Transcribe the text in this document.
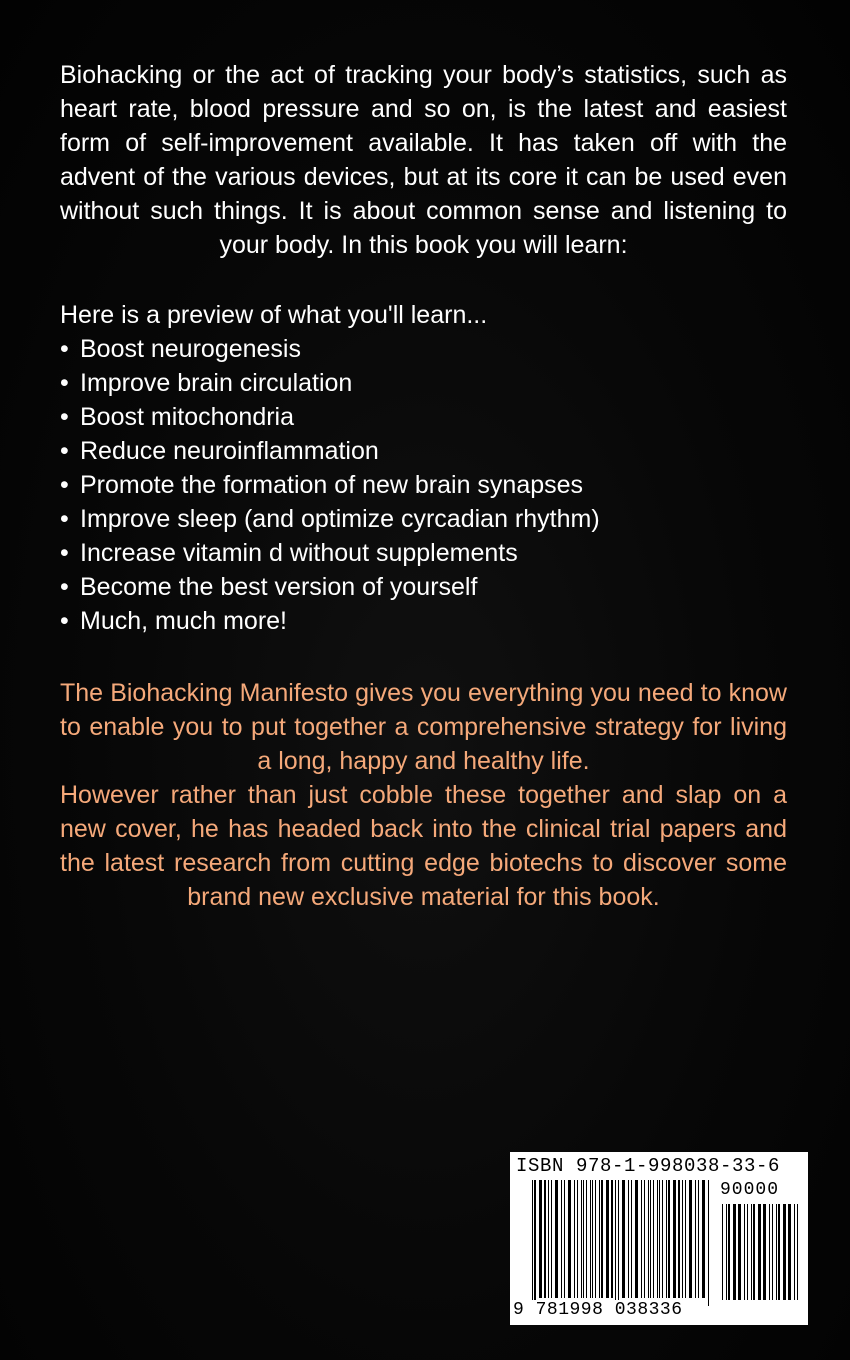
Biohacking or the act of tracking your body’s statistics, such as heart rate, blood pressure and so on, is the latest and easiest form of self-improvement available. It has taken off with the advent of the various devices, but at its core it can be used even without such things. It is about common sense and listening to your body. In this book you will learn:

Here is a preview of what you'll learn...
• Boost neurogenesis
• Improve brain circulation
• Boost mitochondria
• Reduce neuroinflammation
• Promote the formation of new brain synapses
• Improve sleep (and optimize cyrcadian rhythm)
• Increase vitamin d without supplements
• Become the best version of yourself
• Much, much more!

The Biohacking Manifesto gives you everything you need to know to enable you to put together a comprehensive strategy for living a long, happy and healthy life.

However rather than just cobble these together and slap on a new cover, he has headed back into the clinical trial papers and the latest research from cutting edge biotechs to discover some brand new exclusive material for this book.

ISBN 978-1-998038-33-6
90000
9 781998 038336
